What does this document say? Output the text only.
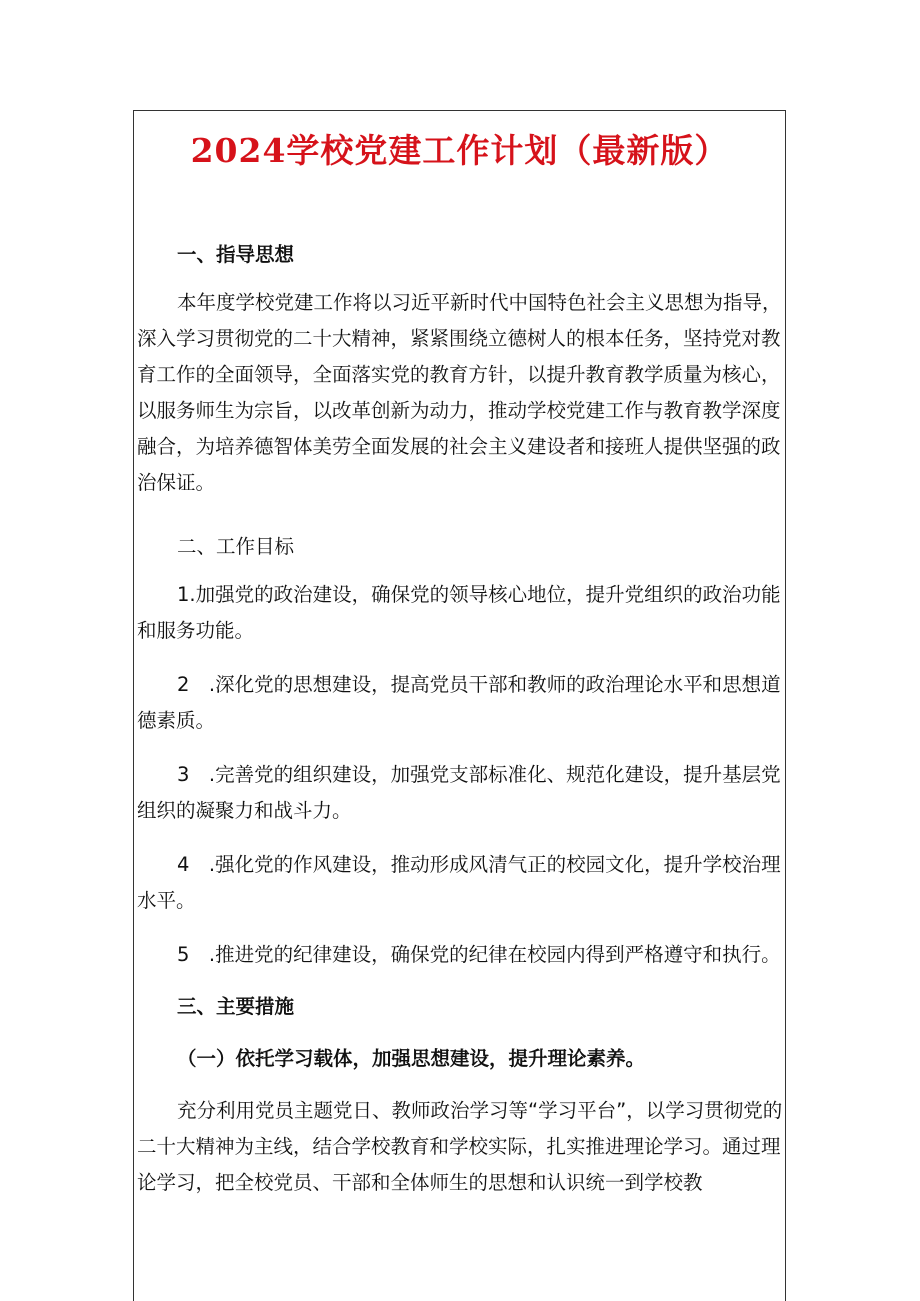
2024学校党建工作计划（最新版）

一、指导思想

本年度学校党建工作将以习近平新时代中国特色社会主义思想为指导，深入学习贯彻党的二十大精神，紧紧围绕立德树人的根本任务，坚持党对教育工作的全面领导，全面落实党的教育方针，以提升教育教学质量为核心，以服务师生为宗旨，以改革创新为动力，推动学校党建工作与教育教学深度融合，为培养德智体美劳全面发展的社会主义建设者和接班人提供坚强的政治保证。

二、工作目标

1.加强党的政治建设，确保党的领导核心地位，提升党组织的政治功能和服务功能。

2　.深化党的思想建设，提高党员干部和教师的政治理论水平和思想道德素质。

3　.完善党的组织建设，加强党支部标准化、规范化建设，提升基层党组织的凝聚力和战斗力。

4　.强化党的作风建设，推动形成风清气正的校园文化，提升学校治理水平。

5　.推进党的纪律建设，确保党的纪律在校园内得到严格遵守和执行。

三、主要措施

（一）依托学习载体，加强思想建设，提升理论素养。

充分利用党员主题党日、教师政治学习等“学习平台”，以学习贯彻党的二十大精神为主线，结合学校教育和学校实际，扎实推进理论学习。通过理论学习，把全校党员、干部和全体师生的思想和认识统一到学校教
